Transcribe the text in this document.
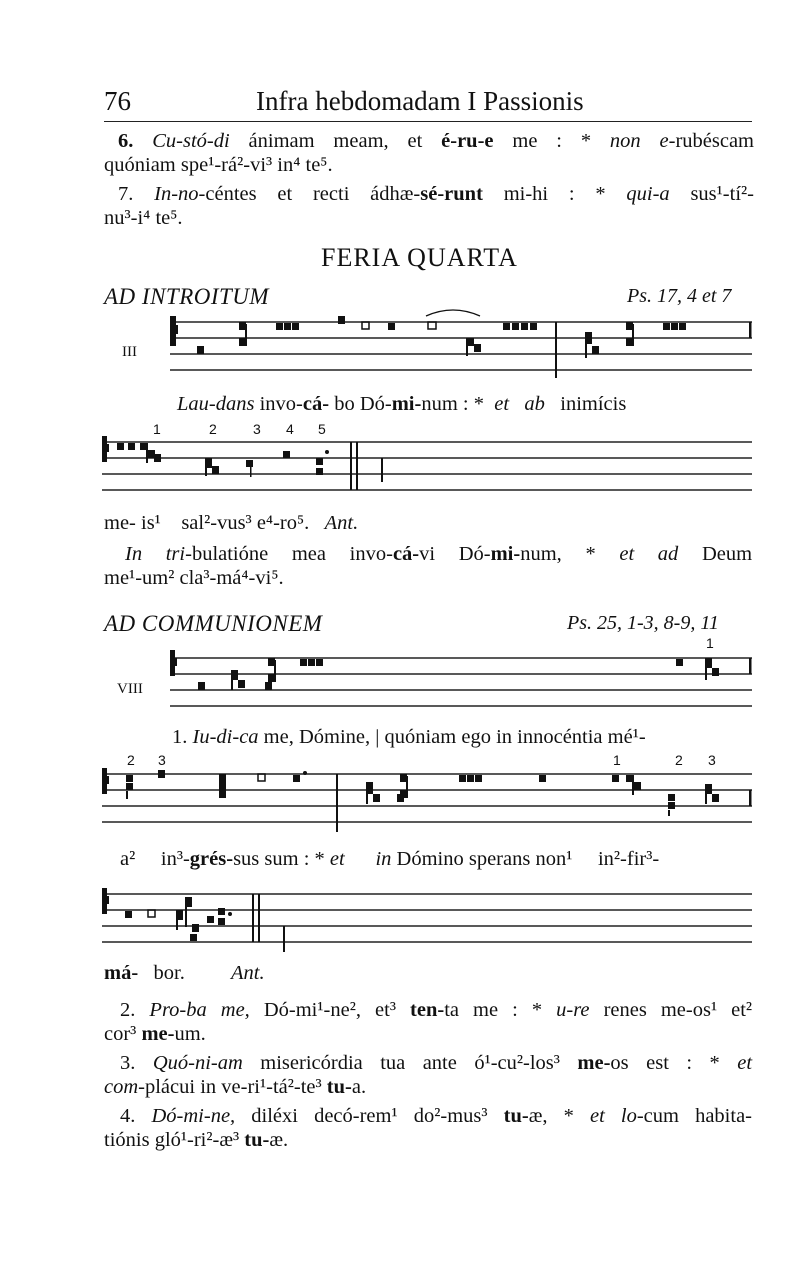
76	Infra hebdomadam I Passionis
6. Cu-stó-di ánimam meam, et é-ru-e me : * non e-rubéscam
quóniam spe¹-rá²-vi³ in⁴ te⁵.
7. In-no-céntes et recti ádhæ-sé-runt mi-hi : * qui-a sus¹-tí²-
nu³-i⁴ te⁵.
FERIA QUARTA
AD INTROITUM	Ps. 17, 4 et 7
III
Lau-dans invo-cá- bo Dó-mi-num : * et ab inimícis
1	2	3 4 5
me- is¹ sal²-vus³ e⁴-ro⁵. Ant.
In tri-bulatióne mea invo-cá-vi Dó-mi-num, * et ad Deum
me¹-um² cla³-má⁴-vi⁵.
AD COMMUNIONEM	Ps. 25, 1-3, 8-9, 11
1
VIII
1. Iu-di-ca me, Dómine, | quóniam ego in innocéntia mé¹-
2 3	1	2 3
a² in³-grés-sus sum : * et in Dómino sperans non¹ in²-fir³-
má- bor. Ant.
2. Pro-ba me, Dó-mi¹-ne², et³ ten-ta me : * u-re renes me-os¹ et²
cor³ me-um.
3. Quó-ni-am misericórdia tua ante ó¹-cu²-los³ me-os est : * et
com-plácui in ve-ri¹-tá²-te³ tu-a.
4. Dó-mi-ne, diléxi decó-rem¹ do²-mus³ tu-æ, * et lo-cum habita-
tiónis gló¹-ri²-æ³ tu-æ.
